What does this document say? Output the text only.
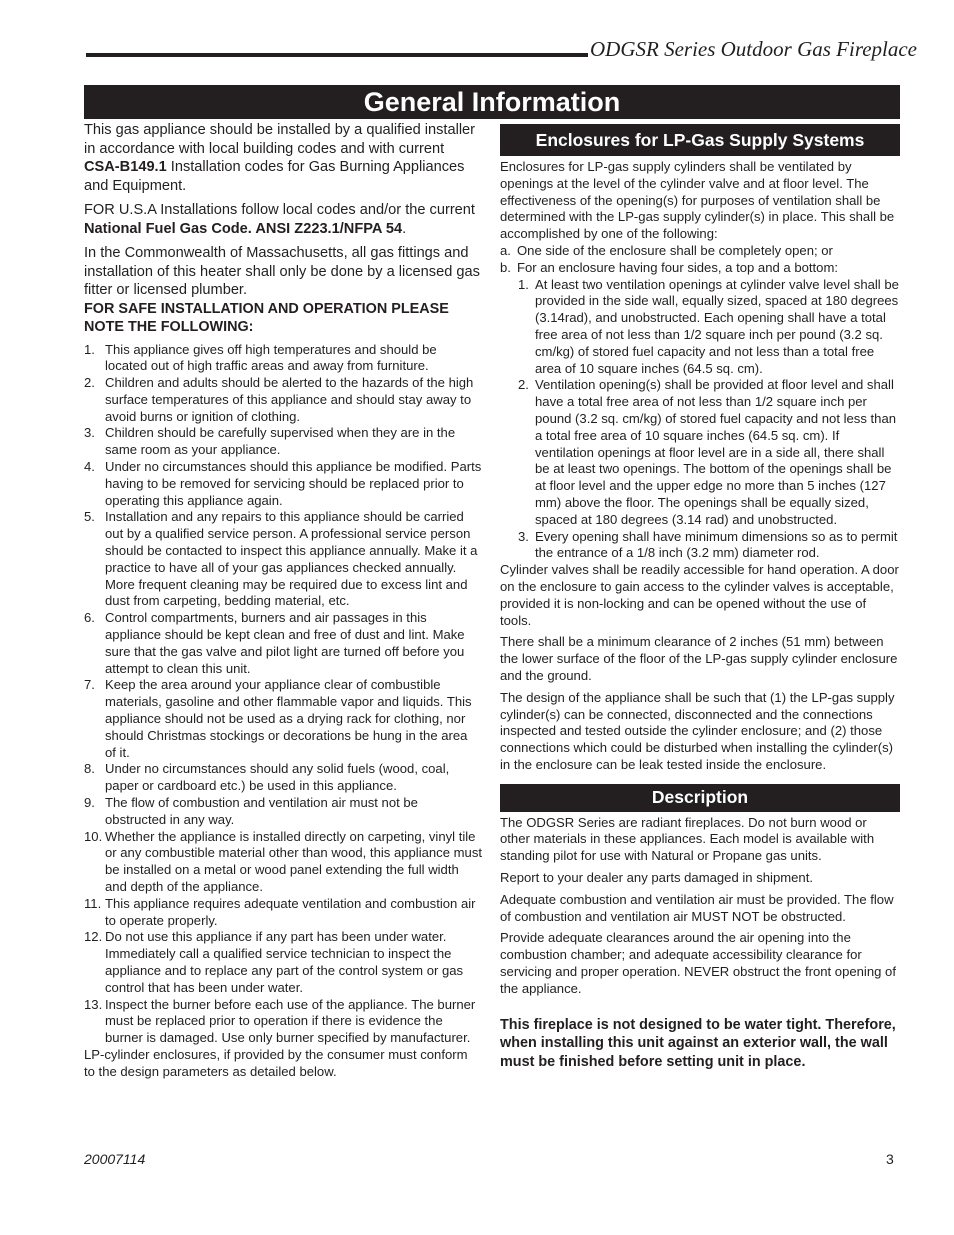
ODGSR Series Outdoor Gas Fireplace
General Information

This gas appliance should be installed by a qualified installer in accordance with local building codes and with current CSA-B149.1 Installation codes for Gas Burning Appliances and Equipment.

FOR U.S.A Installations follow local codes and/or the current National Fuel Gas Code. ANSI Z223.1/NFPA 54.

In the Commonwealth of Massachusetts, all gas fittings and installation of this heater shall only be done by a licensed gas fitter or licensed plumber.

FOR SAFE INSTALLATION AND OPERATION PLEASE NOTE THE FOLLOWING:

1. This appliance gives off high temperatures and should be located out of high traffic areas and away from furniture.
2. Children and adults should be alerted to the hazards of the high surface temperatures of this appliance and should stay away to avoid burns or ignition of clothing.
3. Children should be carefully supervised when they are in the same room as your appliance.
4. Under no circumstances should this appliance be modified. Parts having to be removed for servicing should be replaced prior to operating this appliance again.
5. Installation and any repairs to this appliance should be carried out by a qualified service person. A professional service person should be contacted to inspect this appliance annually. Make it a practice to have all of your gas appliances checked annually. More frequent cleaning may be required due to excess lint and dust from carpeting, bedding material, etc.
6. Control compartments, burners and air passages in this appliance should be kept clean and free of dust and lint. Make sure that the gas valve and pilot light are turned off before you attempt to clean this unit.
7. Keep the area around your appliance clear of combustible materials, gasoline and other flammable vapor and liquids. This appliance should not be used as a drying rack for clothing, nor should Christmas stockings or decorations be hung in the area of it.
8. Under no circumstances should any solid fuels (wood, coal, paper or cardboard etc.) be used in this appliance.
9. The flow of combustion and ventilation air must not be obstructed in any way.
10. Whether the appliance is installed directly on carpeting, vinyl tile or any combustible material other than wood, this appliance must be installed on a metal or wood panel extending the full width and depth of the appliance.
11. This appliance requires adequate ventilation and combustion air to operate properly.
12. Do not use this appliance if any part has been under water. Immediately call a qualified service technician to inspect the appliance and to replace any part of the control system or gas control that has been under water.
13. Inspect the burner before each use of the appliance. The burner must be replaced prior to operation if there is evidence the burner is damaged. Use only burner specified by manufacturer.

LP-cylinder enclosures, if provided by the consumer must conform to the design parameters as detailed below.

Enclosures for LP-Gas Supply Systems

Enclosures for LP-gas supply cylinders shall be ventilated by openings at the level of the cylinder valve and at floor level. The effectiveness of the opening(s) for purposes of ventilation shall be determined with the LP-gas supply cylinder(s) in place. This shall be accomplished by one of the following:

a. One side of the enclosure shall be completely open; or
b. For an enclosure having four sides, a top and a bottom:
1. At least two ventilation openings at cylinder valve level shall be provided in the side wall, equally sized, spaced at 180 degrees (3.14rad), and unobstructed. Each opening shall have a total free area of not less than 1/2 square inch per pound (3.2 sq. cm/kg) of stored fuel capacity and not less than a total free area of 10 square inches (64.5 sq. cm).
2. Ventilation opening(s) shall be provided at floor level and shall have a total free area of not less than 1/2 square inch per pound (3.2 sq. cm/kg) of stored fuel capacity and not less than a total free area of 10 square inches (64.5 sq. cm). If ventilation openings at floor level are in a side all, there shall be at least two openings. The bottom of the openings shall be at floor level and the upper edge no more than 5 inches (127 mm) above the floor. The openings shall be equally sized, spaced at 180 degrees (3.14 rad) and unobstructed.
3. Every opening shall have minimum dimensions so as to permit the entrance of a 1/8 inch (3.2 mm) diameter rod.

Cylinder valves shall be readily accessible for hand operation. A door on the enclosure to gain access to the cylinder valves is acceptable, provided it is non-locking and can be opened without the use of tools.

There shall be a minimum clearance of 2 inches (51 mm) between the lower surface of the floor of the LP-gas supply cylinder enclosure and the ground.

The design of the appliance shall be such that (1) the LP-gas supply cylinder(s) can be connected, disconnected and the connections inspected and tested outside the cylinder enclosure; and (2) those connections which could be disturbed when installing the cylinder(s) in the enclosure can be leak tested inside the enclosure.

Description

The ODGSR Series are radiant fireplaces. Do not burn wood or other materials in these appliances. Each model is available with standing pilot for use with Natural or Propane gas units.

Report to your dealer any parts damaged in shipment.

Adequate combustion and ventilation air must be provided. The flow of combustion and ventilation air MUST NOT be obstructed.

Provide adequate clearances around the air opening into the combustion chamber; and adequate accessibility clearance for servicing and proper operation. NEVER obstruct the front opening of the appliance.

This fireplace is not designed to be water tight. Therefore, when installing this unit against an exterior wall, the wall must be finished before setting unit in place.

20007114	3
